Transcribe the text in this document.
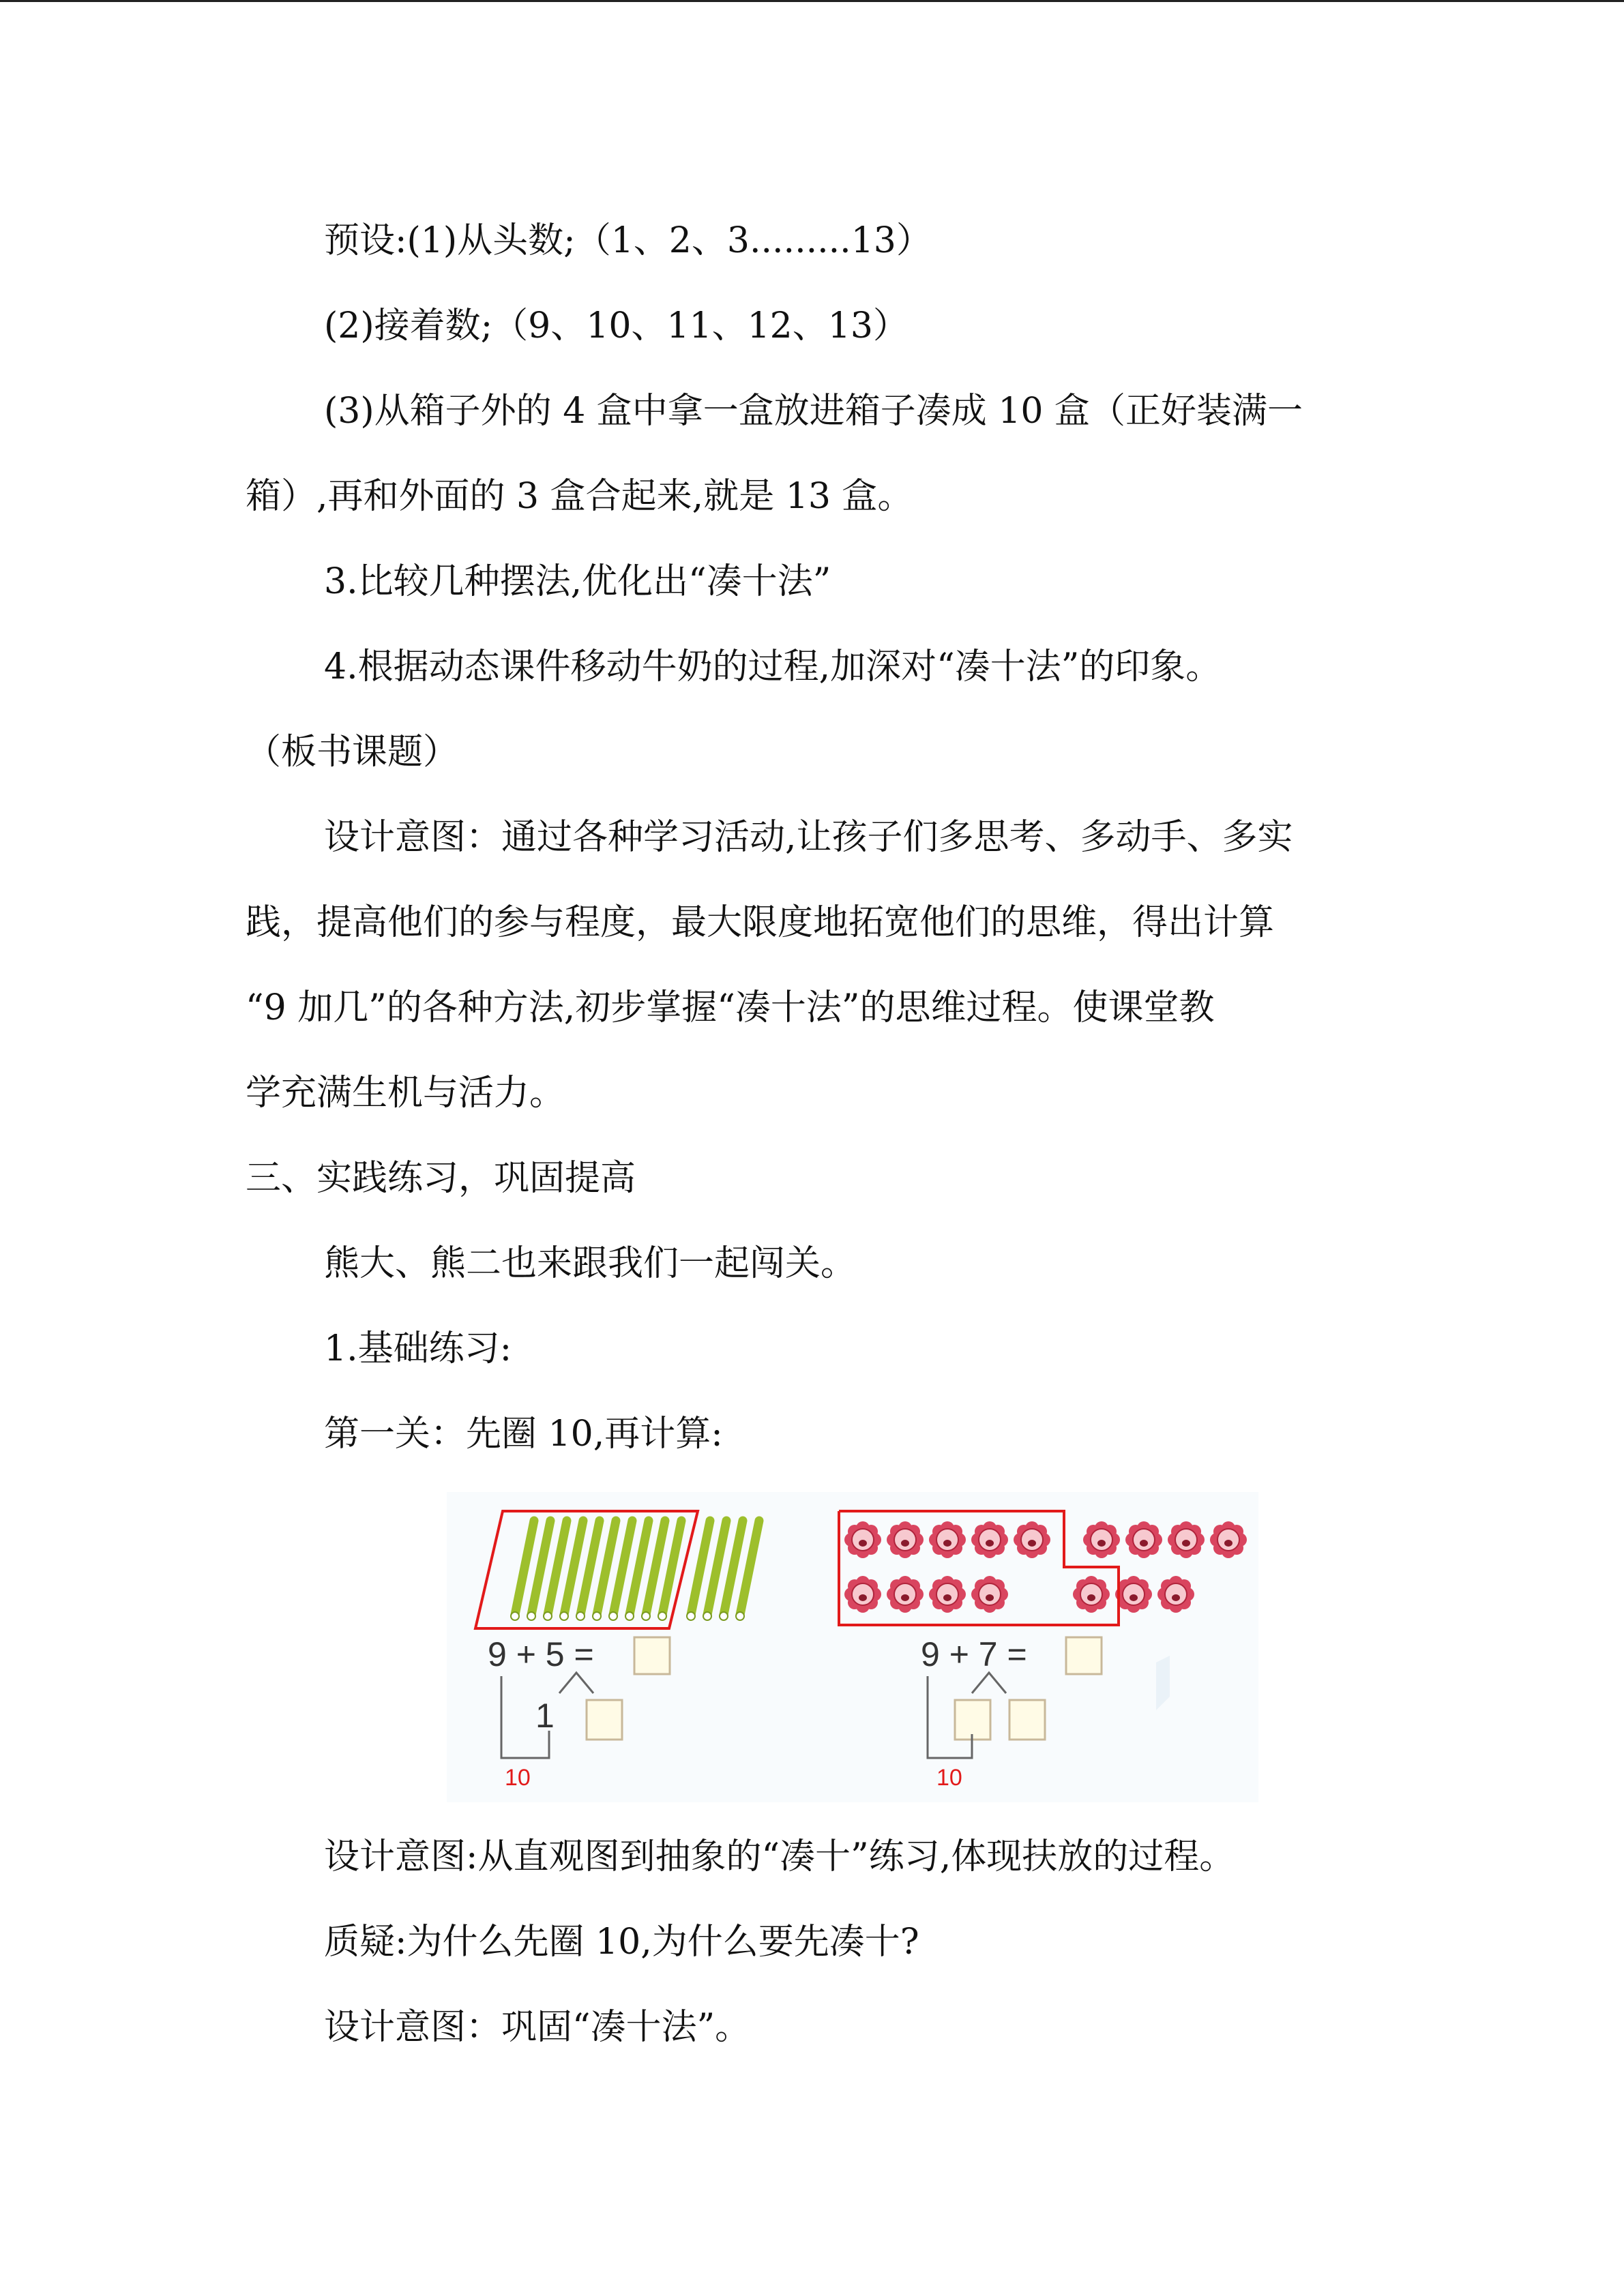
预设:(1)从头数;（1、2、3.........13）
(2)接着数;（9、10、11、12、13）
(3)从箱子外的 4 盒中拿一盒放进箱子凑成 10 盒（正好装满一
箱）,再和外面的 3 盒合起来,就是 13 盒。
3.比较几种摆法,优化出“凑十法”
4.根据动态课件移动牛奶的过程,加深对“凑十法”的印象。
（板书课题）
设计意图：通过各种学习活动,让孩子们多思考、多动手、多实
践，提高他们的参与程度，最大限度地拓宽他们的思维，得出计算
“9 加几”的各种方法,初步掌握“凑十法”的思维过程。使课堂教
学充满生机与活力。
三、实践练习，巩固提高
熊大、熊二也来跟我们一起闯关。
1.基础练习:
第一关：先圈 10,再计算:
9 + 5 =
1
10
9 + 7 =
10
设计意图:从直观图到抽象的“凑十”练习,体现扶放的过程。
质疑:为什么先圈 10,为什么要先凑十?
设计意图：巩固“凑十法”。
